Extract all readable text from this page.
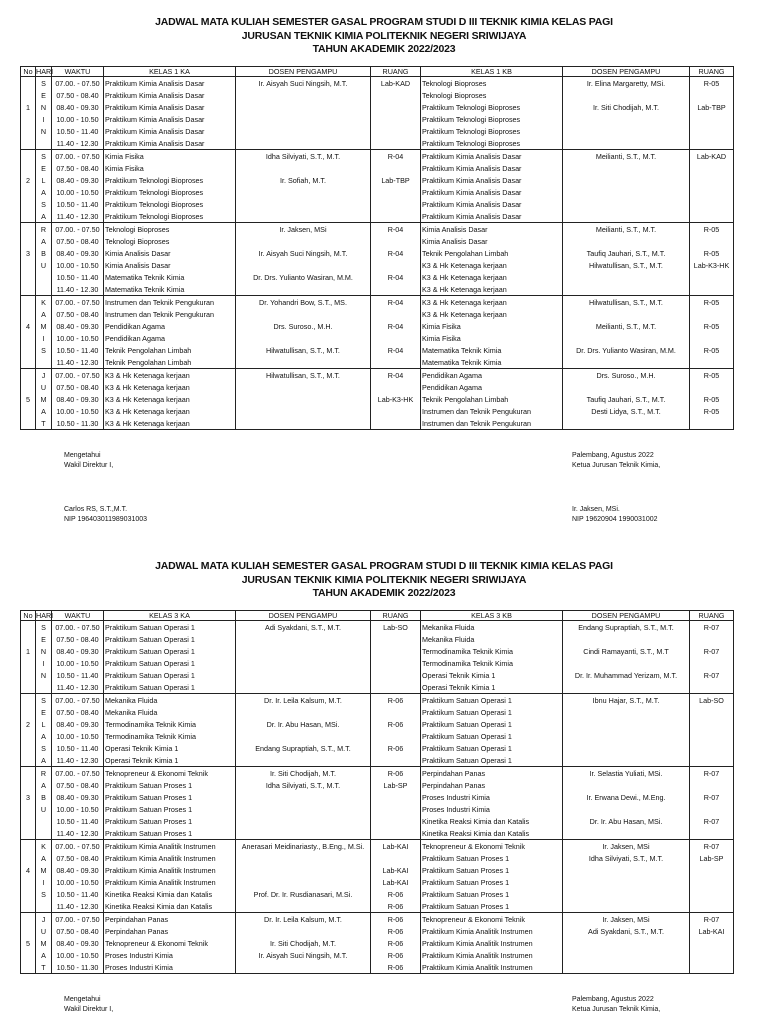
JADWAL MATA KULIAH SEMESTER GASAL PROGRAM STUDI D III TEKNIK KIMIA KELAS PAGI
JURUSAN TEKNIK KIMIA POLITEKNIK NEGERI SRIWIJAYA
TAHUN AKADEMIK 2022/2023
No	HARI	WAKTU	KELAS 1 KA	DOSEN PENGAMPU	RUANG	KELAS 1 KB	DOSEN PENGAMPU	RUANG
	S	07.00. - 07.50	Praktikum Kimia Analisis Dasar	Ir. Aisyah Suci Ningsih, M.T.	Lab-KAD	Teknologi Bioproses	Ir. Elina Margaretty, MSi.	R-05
	E	07.50 - 08.40	Praktikum Kimia Analisis Dasar			Teknologi Bioproses		
1	N	08.40 - 09.30	Praktikum Kimia Analisis Dasar			Praktikum Teknologi Bioproses	Ir. Siti Chodijah, M.T.	Lab-TBP
	I	10.00 - 10.50	Praktikum Kimia Analisis Dasar			Praktikum Teknologi Bioproses		
	N	10.50 - 11.40	Praktikum Kimia Analisis Dasar			Praktikum Teknologi Bioproses		
		11.40 - 12.30	Praktikum Kimia Analisis Dasar			Praktikum Teknologi Bioproses		
	S	07.00. - 07.50	Kimia Fisika	Idha Silviyati, S.T., M.T.	R-04	Praktikum Kimia Analisis Dasar	Meilianti, S.T., M.T.	Lab-KAD
	E	07.50 - 08.40	Kimia Fisika			Praktikum Kimia Analisis Dasar		
2	L	08.40 - 09.30	Praktikum Teknologi Bioproses	Ir. Sofiah, M.T.	Lab-TBP	Praktikum Kimia Analisis Dasar		
	A	10.00 - 10.50	Praktikum Teknologi Bioproses			Praktikum Kimia Analisis Dasar		
	S	10.50 - 11.40	Praktikum Teknologi Bioproses			Praktikum Kimia Analisis Dasar		
	A	11.40 - 12.30	Praktikum Teknologi Bioproses			Praktikum Kimia Analisis Dasar		
	R	07.00. - 07.50	Teknologi Bioproses	Ir. Jaksen, MSi	R-04	Kimia Analisis Dasar	Meilianti, S.T., M.T.	R-05
	A	07.50 - 08.40	Teknologi Bioproses			Kimia Analisis Dasar		
3	B	08.40 - 09.30	Kimia Analisis Dasar	Ir. Aisyah Suci Ningsih, M.T.	R-04	Teknik Pengolahan Limbah	Taufiq Jauhari, S.T., M.T.	R-05
	U	10.00 - 10.50	Kimia Analisis Dasar			K3 & Hk Ketenaga kerjaan	Hilwatullisan, S.T., M.T.	Lab-K3-HK
		10.50 - 11.40	Matematika Teknik Kimia	Dr. Drs. Yulianto Wasiran, M.M.	R-04	K3 & Hk Ketenaga kerjaan		
		11.40 - 12.30	Matematika Teknik Kimia			K3 & Hk Ketenaga kerjaan		
	K	07.00. - 07.50	Instrumen dan Teknik Pengukuran	Dr. Yohandri Bow, S.T., MS.	R-04	K3 & Hk Ketenaga kerjaan	Hilwatullisan, S.T., M.T.	R-05
	A	07.50 - 08.40	Instrumen dan Teknik Pengukuran			K3 & Hk Ketenaga kerjaan		
4	M	08.40 - 09.30	Pendidikan Agama	Drs. Suroso., M.H.	R-04	Kimia Fisika	Meilianti, S.T., M.T.	R-05
	I	10.00 - 10.50	Pendidikan Agama			Kimia Fisika		
	S	10.50 - 11.40	Teknik Pengolahan Limbah	Hilwatullisan, S.T., M.T.	R-04	Matematika Teknik Kimia	Dr. Drs. Yulianto Wasiran, M.M.	R-05
		11.40 - 12.30	Teknik Pengolahan Limbah			Matematika Teknik Kimia		
	J	07.00. - 07.50	K3 & Hk Ketenaga kerjaan	Hilwatullisan, S.T., M.T.	R-04	Pendidikan Agama	Drs. Suroso., M.H.	R-05
	U	07.50 - 08.40	K3 & Hk Ketenaga kerjaan			Pendidikan Agama		
5	M	08.40 - 09.30	K3 & Hk Ketenaga kerjaan		Lab-K3-HK	Teknik Pengolahan Limbah	Taufiq Jauhari, S.T., M.T.	R-05
	A	10.00 - 10.50	K3 & Hk Ketenaga kerjaan			Instrumen dan Teknik Pengukuran	Desti Lidya, S.T., M.T.	R-05
	T	10.50 - 11.30	K3 & Hk Ketenaga kerjaan			Instrumen dan Teknik Pengukuran		
Mengetahui
Wakil Direktur I,
Carlos RS, S.T.,M.T.
NIP 196403011989031003
Palembang, Agustus 2022
Ketua Jurusan Teknik Kimia,
Ir. Jaksen, MSi.
NIP 19620904 1990031002
JADWAL MATA KULIAH SEMESTER GASAL PROGRAM STUDI D III TEKNIK KIMIA KELAS PAGI
JURUSAN TEKNIK KIMIA POLITEKNIK NEGERI SRIWIJAYA
TAHUN AKADEMIK 2022/2023
No	HARI	WAKTU	KELAS 3 KA	DOSEN PENGAMPU	RUANG	KELAS 3 KB	DOSEN PENGAMPU	RUANG
	S	07.00. - 07.50	Praktikum Satuan Operasi 1	Adi Syakdani, S.T., M.T.	Lab-SO	Mekanika Fluida	Endang Supraptiah, S.T., M.T.	R-07
	E	07.50 - 08.40	Praktikum Satuan Operasi 1			Mekanika Fluida		
1	N	08.40 - 09.30	Praktikum Satuan Operasi 1			Termodinamika Teknik Kimia	Cindi Ramayanti, S.T., M.T	R-07
	I	10.00 - 10.50	Praktikum Satuan Operasi 1			Termodinamika Teknik Kimia		
	N	10.50 - 11.40	Praktikum Satuan Operasi 1			Operasi Teknik Kimia 1	Dr. Ir. Muhammad Yerizam, M.T.	R-07
		11.40 - 12.30	Praktikum Satuan Operasi 1			Operasi Teknik Kimia 1		
	S	07.00. - 07.50	Mekanika Fluida	Dr. Ir. Leila Kalsum, M.T.	R-06	Praktikum Satuan Operasi 1	Ibnu Hajar, S.T., M.T.	Lab-SO
	E	07.50 - 08.40	Mekanika Fluida			Praktikum Satuan Operasi 1		
2	L	08.40 - 09.30	Termodinamika Teknik Kimia	Dr. Ir. Abu Hasan, MSi.	R-06	Praktikum Satuan Operasi 1		
	A	10.00 - 10.50	Termodinamika Teknik Kimia			Praktikum Satuan Operasi 1		
	S	10.50 - 11.40	Operasi Teknik Kimia 1	Endang Supraptiah, S.T., M.T.	R-06	Praktikum Satuan Operasi 1		
	A	11.40 - 12.30	Operasi Teknik Kimia 1			Praktikum Satuan Operasi 1		
	R	07.00. - 07.50	Teknopreneur & Ekonomi Teknik	Ir. Siti Chodijah, M.T.	R-06	Perpindahan Panas	Ir. Selastia Yuliati, MSi.	R-07
	A	07.50 - 08.40	Praktikum Satuan Proses 1	Idha Silviyati, S.T., M.T.	Lab-SP	Perpindahan Panas		
3	B	08.40 - 09.30	Praktikum Satuan Proses 1			Proses Industri Kimia	Ir. Erwana Dewi., M.Eng.	R-07
	U	10.00 - 10.50	Praktikum Satuan Proses 1			Proses Industri Kimia		
		10.50 - 11.40	Praktikum Satuan Proses 1			Kinetika Reaksi Kimia dan Katalis	Dr. Ir. Abu Hasan, MSi.	R-07
		11.40 - 12.30	Praktikum Satuan Proses 1			Kinetika Reaksi Kimia dan Katalis		
	K	07.00. - 07.50	Praktikum Kimia Analitik Instrumen	Anerasari Meidinariasty., B.Eng., M.Si.	Lab-KAI	Teknopreneur & Ekonomi Teknik	Ir. Jaksen, MSi	R-07
	A	07.50 - 08.40	Praktikum Kimia Analitik Instrumen			Praktikum Satuan Proses 1	Idha Silviyati, S.T., M.T.	Lab-SP
4	M	08.40 - 09.30	Praktikum Kimia Analitik Instrumen		Lab-KAI	Praktikum Satuan Proses 1		
	I	10.00 - 10.50	Praktikum Kimia Analitik Instrumen		Lab-KAI	Praktikum Satuan Proses 1		
	S	10.50 - 11.40	Kinetika Reaksi Kimia dan Katalis	Prof. Dr. Ir. Rusdianasari, M.Si.	R-06	Praktikum Satuan Proses 1		
		11.40 - 12.30	Kinetika Reaksi Kimia dan Katalis		R-06	Praktikum Satuan Proses 1		
	J	07.00. - 07.50	Perpindahan Panas	Dr. Ir. Leila Kalsum, M.T.	R-06	Teknopreneur & Ekonomi Teknik	Ir. Jaksen, MSi	R-07
	U	07.50 - 08.40	Perpindahan Panas		R-06	Praktikum Kimia Analitik Instrumen	Adi Syakdani, S.T., M.T.	Lab-KAI
5	M	08.40 - 09.30	Teknopreneur & Ekonomi Teknik	Ir. Siti Chodijah, M.T.	R-06	Praktikum Kimia Analitik Instrumen		
	A	10.00 - 10.50	Proses Industri Kimia	Ir. Aisyah Suci Ningsih, M.T.	R-06	Praktikum Kimia Analitik Instrumen		
	T	10.50 - 11.30	Proses Industri Kimia		R-06	Praktikum Kimia Analitik Instrumen		
Mengetahui
Wakil Direktur I,
Palembang, Agustus 2022
Ketua Jurusan Teknik Kimia,
